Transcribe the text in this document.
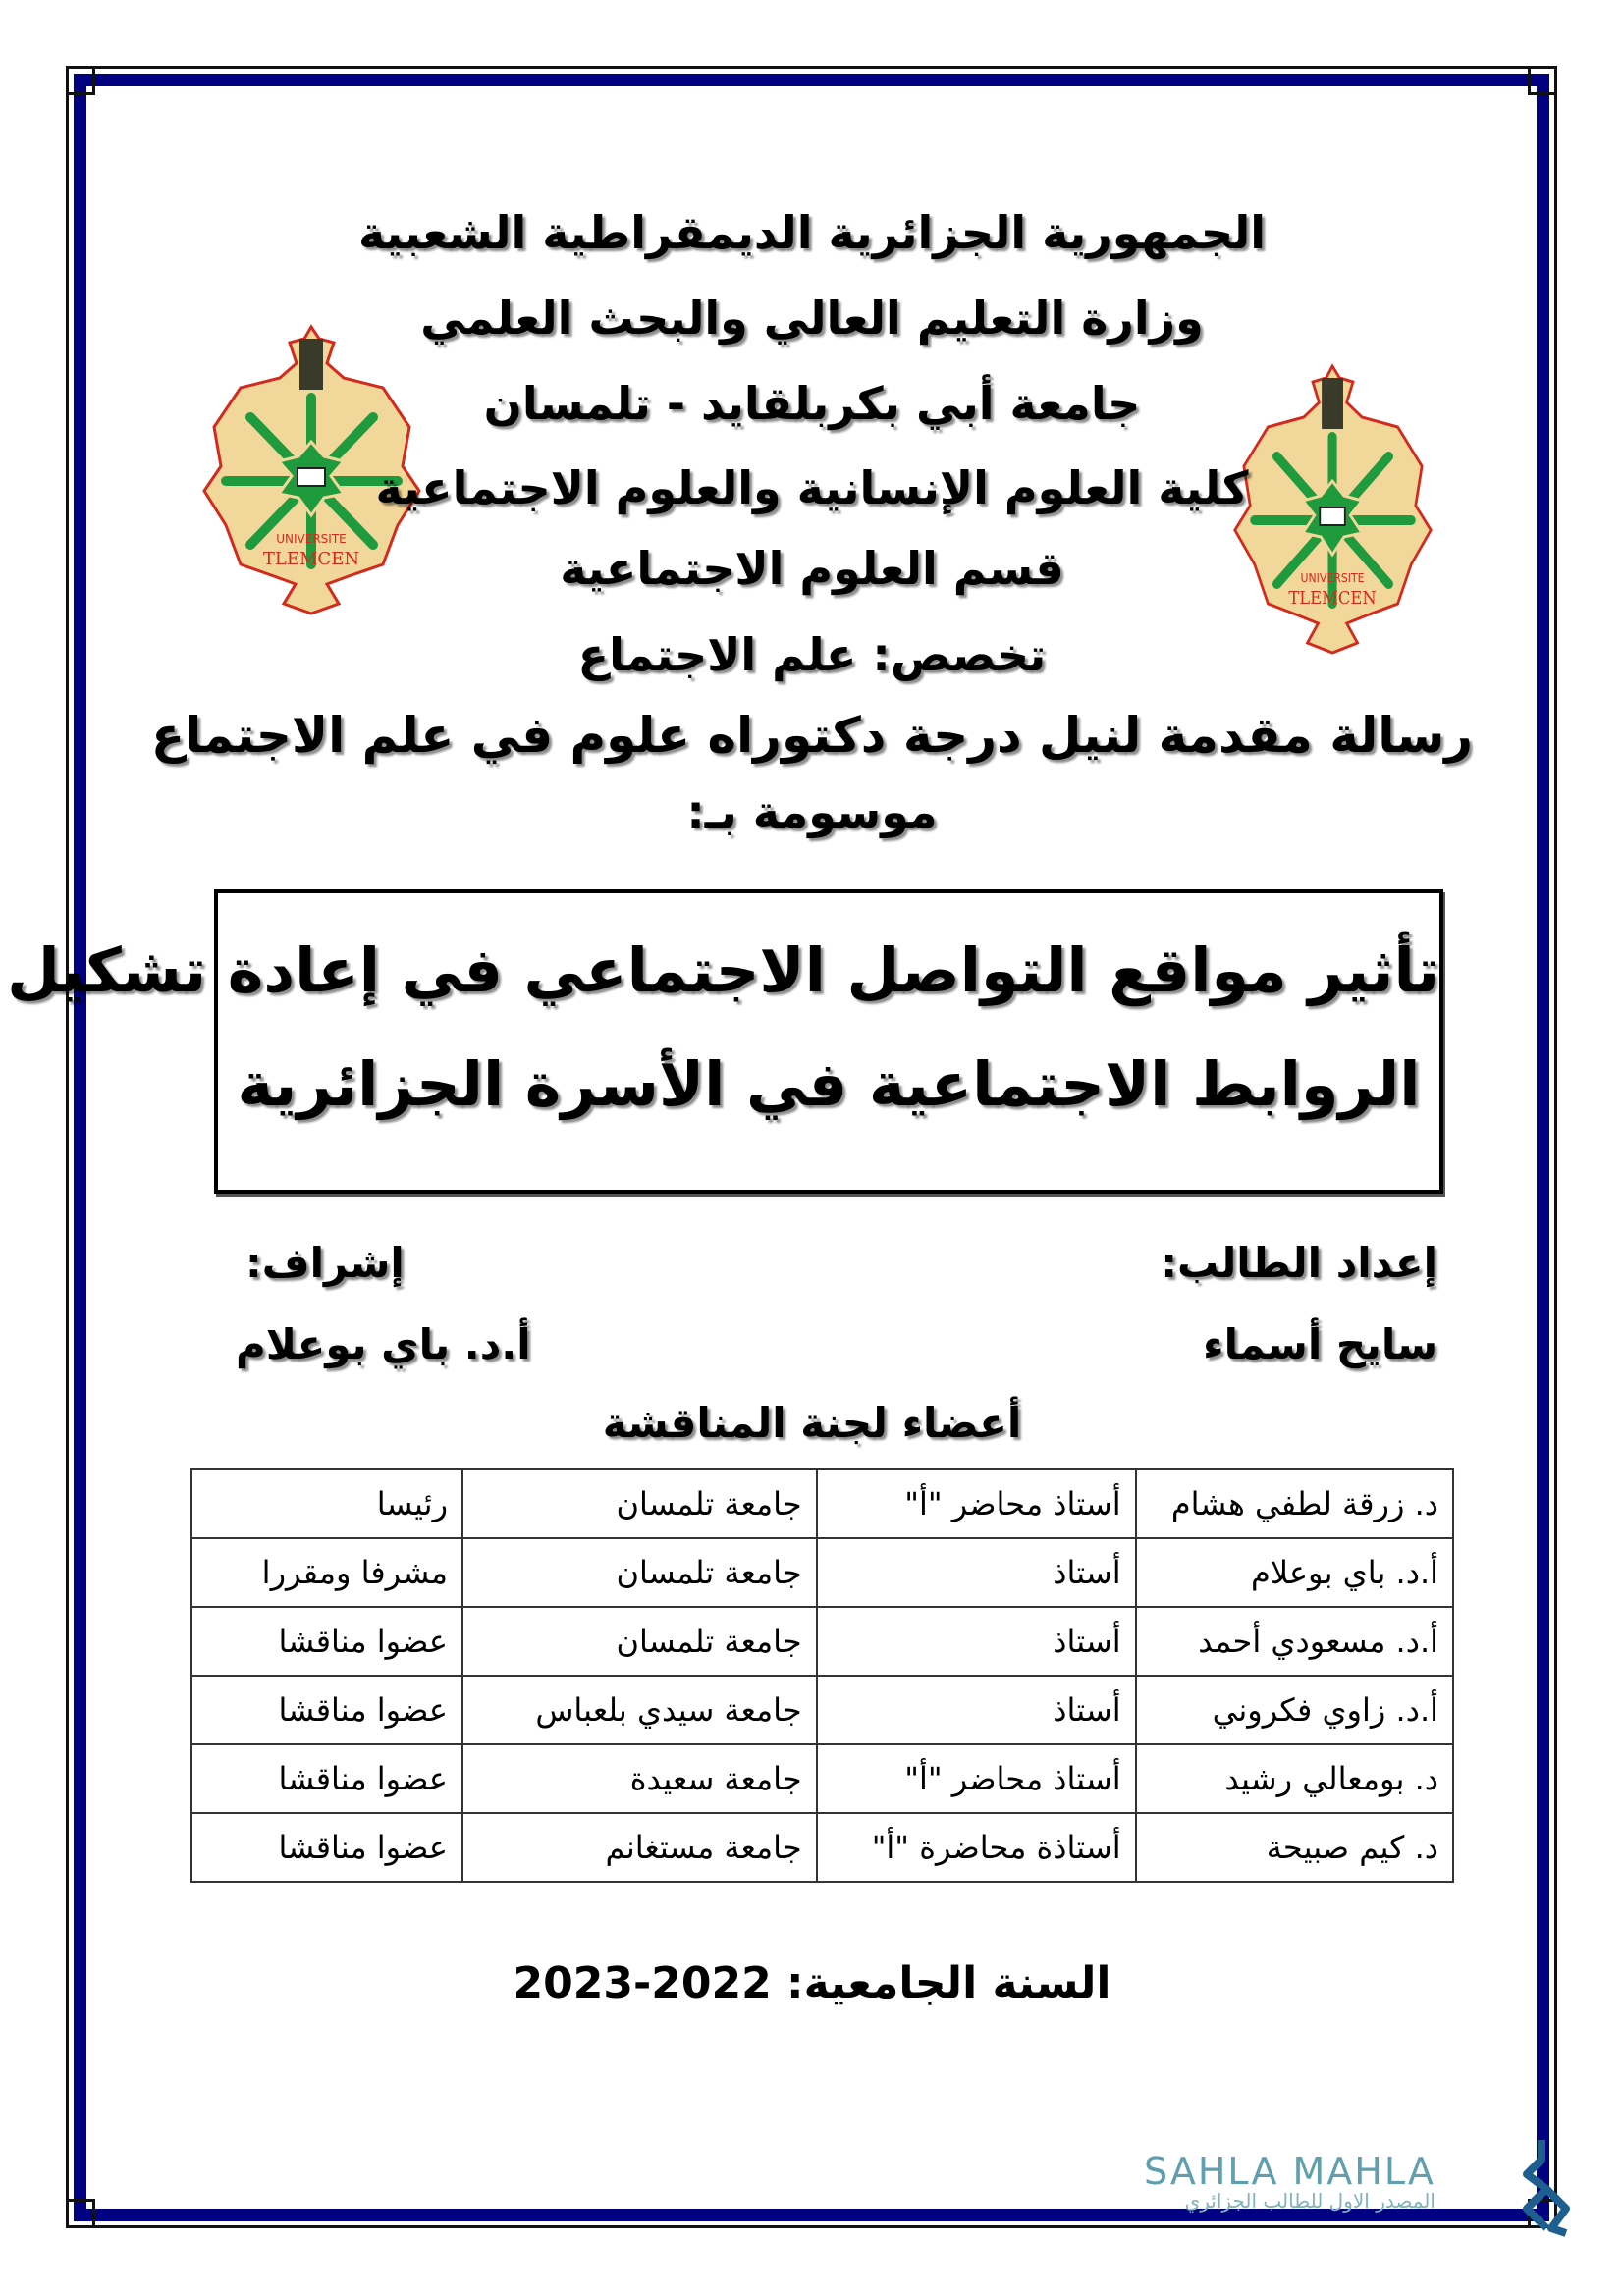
UNIVERSITE
TLEMCEN
UNIVERSITE
TLEMCEN
الجمهورية الجزائرية الديمقراطية الشعبية
وزارة التعليم العالي والبحث العلمي
جامعة أبي بكربلقايد - تلمسان
كلية العلوم الإنسانية والعلوم الاجتماعية
قسم العلوم الاجتماعية
تخصص: علم الاجتماع
رسالة مقدمة لنيل درجة دكتوراه علوم في علم الاجتماع
موسومة بـ:
تأثير مواقع التواصل الاجتماعي في إعادة تشكيل
الروابط الاجتماعية في الأسرة الجزائرية
إعداد الطالب:
سايح أسماء
إشراف:
أ.د. باي بوعلام
أعضاء لجنة المناقشة
د. زرقة لطفي هشام	أستاذ محاضر "أ"	جامعة تلمسان	رئيسا
أ.د. باي بوعلام	أستاذ	جامعة تلمسان	مشرفا ومقررا
أ.د. مسعودي أحمد	أستاذ	جامعة تلمسان	عضوا مناقشا
أ.د. زاوي فكروني	أستاذ	جامعة سيدي بلعباس	عضوا مناقشا
د. بومعالي رشيد	أستاذ محاضر "أ"	جامعة سعيدة	عضوا مناقشا
د. كيم صبيحة	أستاذة محاضرة "أ"	جامعة مستغانم	عضوا مناقشا
السنة الجامعية: 2022-2023
SAHLA MAHLA
المصدر الاول للطالب الجزائري
